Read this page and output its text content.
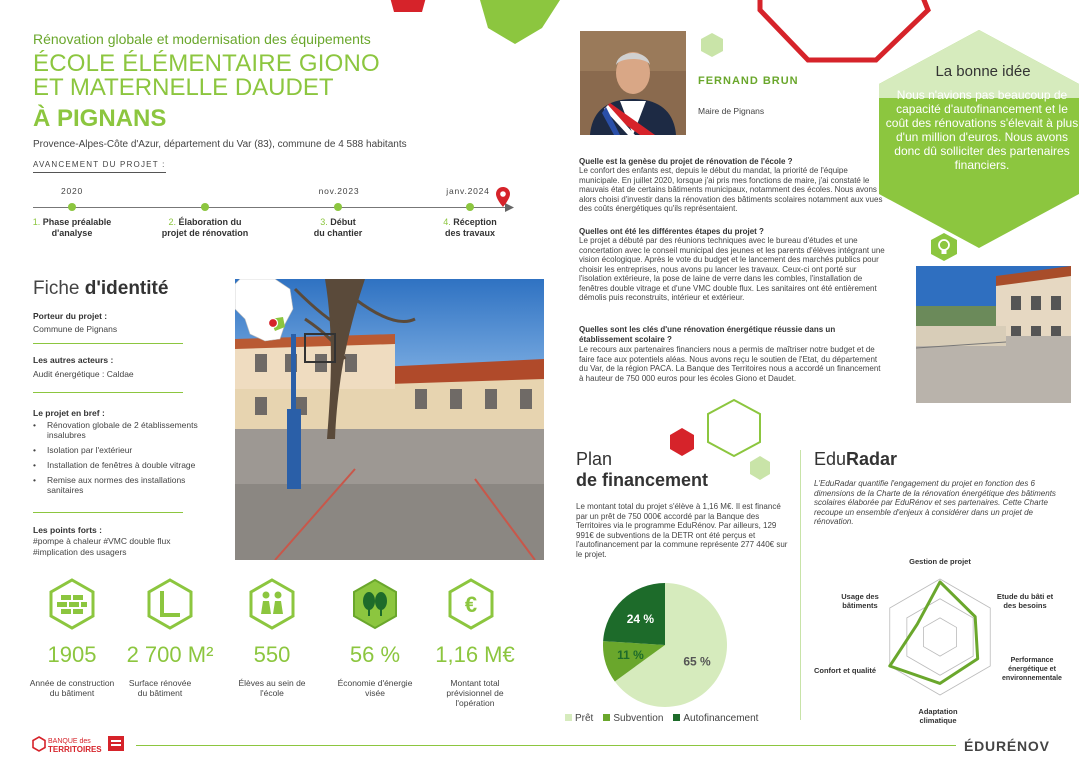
Rénovation globale et modernisation des équipements
ÉCOLE ÉLÉMENTAIRE GIONO
ET MATERNELLE DAUDET
À PIGNANS
Provence-Alpes-Côte d'Azur, département du Var (83), commune de 4 588 habitants
AVANCEMENT DU PROJET :
2020	nov.2023	janv.2024
1. Phase préalable
d'analyse
2. Élaboration du
projet de rénovation
3. Début
du chantier
4. Réception
des travaux
Fiche d'identité
Porteur du projet :
Commune de Pignans
Les autres acteurs :
Audit énergétique : Caldae
Le projet en bref :
• Rénovation globale de 2 établissements insalubres
• Isolation par l'extérieur
• Installation de fenêtres à double vitrage
• Remise aux normes des installations sanitaires
Les points forts :
#pompe à chaleur #VMC double flux
#implication des usagers
€
1905	2 700 M²	550	56 %	1,16 M€
Année de construction du bâtiment
Surface rénovée du bâtiment
Élèves au sein de l'école
Économie d'énergie visée
Montant total prévisionnel de l'opération
FERNAND BRUN
Maire de Pignans
Quelle est la genèse du projet de rénovation de l'école ?
Le confort des enfants est, depuis le début du mandat, la priorité de l'équipe municipale. En juillet 2020, lorsque j'ai pris mes fonctions de maire, j'ai constaté le mauvais état de certains bâtiments municipaux, notamment des écoles. Nous avons alors choisi d'investir dans la rénovation des bâtiments scolaires notamment aux vues des coûts énergétiques qu'ils représentaient.
Quelles ont été les différentes étapes du projet ?
Le projet a débuté par des réunions techniques avec le bureau d'études et une concertation avec le conseil municipal des jeunes et les parents d'élèves intégrant une vision écologique. Après le vote du budget et le lancement des marchés publics pour choisir les entreprises, nous avons pu lancer les travaux. Ceux-ci ont porté sur l'isolation extérieure, la pose de laine de verre dans les combles, l'installation de fenêtres double vitrage et d'une VMC double flux. Les sanitaires ont été entièrement démolis puis reconstruits, intérieur et extérieur.
Quelles sont les clés d'une rénovation énergétique réussie dans un établissement scolaire ?
Le recours aux partenaires financiers nous a permis de maîtriser notre budget et de faire face aux potentiels aléas. Nous avons reçu le soutien de l'Etat, du département du Var, de la région PACA. La Banque des Territoires nous a accordé un financement à hauteur de 750 000 euros pour les écoles Giono et Daudet.
La bonne idée
Nous n'avions pas beaucoup de capacité d'autofinancement et le coût des rénovations s'élevait à plus d'un million d'euros. Nous avons donc dû solliciter des partenaires financiers.
Plan
de financement
Le montant total du projet s'élève à 1,16 M€. Il est financé par un prêt de 750 000€ accordé par la Banque des Territoires via le programme EduRénov. Par ailleurs, 129 991€ de subventions de la DETR ont été perçus et l'autofinancement par la commune représente 277 440€ sur le projet.
65 %
11 %
24 %
Prêt	Subvention	Autofinancement
EduRadar
L'EduRadar quantifie l'engagement du projet en fonction des 6 dimensions de la Charte de la rénovation énergétique des bâtiments scolaires élaborée par EduRénov et ses partenaires. Cette Charte recoupe un ensemble d'enjeux à considérer dans un projet de rénovation.
Gestion de projet
Etude du bâti et
des besoins
Performance
énergétique et environnementale
Adaptation
climatique
Confort et qualité
Usage des
bâtiments
BANQUE des
TERRITOIRES	ÉDURÉNOV
